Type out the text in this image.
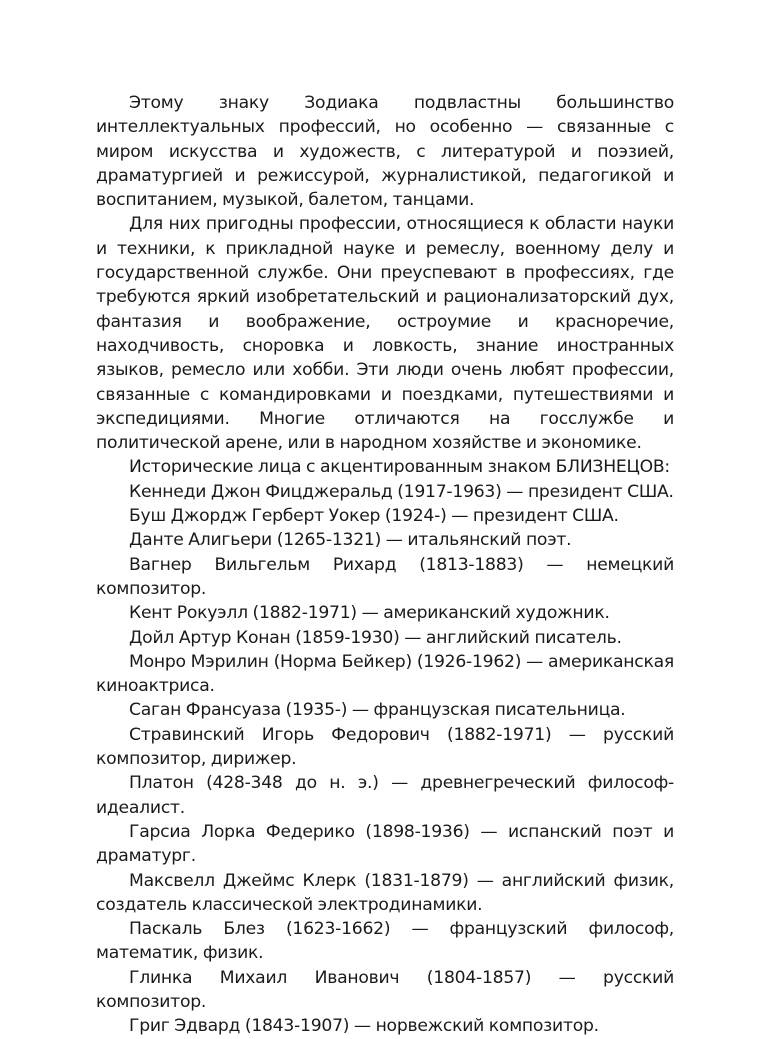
Этому знаку Зодиака подвластны большинство интеллектуальных профессий, но особенно — связанные с миром искусства и художеств, с литературой и поэзией, драматургией и режиссурой, журналистикой, педагогикой и воспитанием, музыкой, балетом, танцами.

Для них пригодны профессии, относящиеся к области науки и техники, к прикладной науке и ремеслу, военному делу и государственной службе. Они преуспевают в профессиях, где требуются яркий изобретательский и рационализаторский дух, фантазия и воображение, остроумие и красноречие, находчивость, сноровка и ловкость, знание иностранных языков, ремесло или хобби. Эти люди очень любят профессии, связанные с командировками и поездками, путешествиями и экспедициями. Многие отличаются на госслужбе и политической арене, или в народном хозяйстве и экономике.

Исторические лица с акцентированным знаком БЛИЗНЕЦОВ:

Кеннеди Джон Фицджеральд (1917-1963) — президент США.

Буш Джордж Герберт Уокер (1924-) — президент США.

Данте Алигьери (1265-1321) — итальянский поэт.

Вагнер Вильгельм Рихард (1813-1883) — немецкий композитор.

Кент Рокуэлл (1882-1971) — американский художник.

Дойл Артур Конан (1859-1930) — английский писатель.

Монро Мэрилин (Норма Бейкер) (1926-1962) — американская киноактриса.

Саган Франсуаза (1935-) — французская писательница.

Стравинский Игорь Федорович (1882-1971) — русский композитор, дирижер.

Платон (428-348 до н. э.) — древнегреческий философ-идеалист.

Гарсиа Лорка Федерико (1898-1936) — испанский поэт и драматург.

Максвелл Джеймс Клерк (1831-1879) — английский физик, создатель классической электродинамики.

Паскаль Блез (1623-1662) — французский философ, математик, физик.

Глинка Михаил Иванович (1804-1857) — русский композитор.

Григ Эдвард (1843-1907) — норвежский композитор.
